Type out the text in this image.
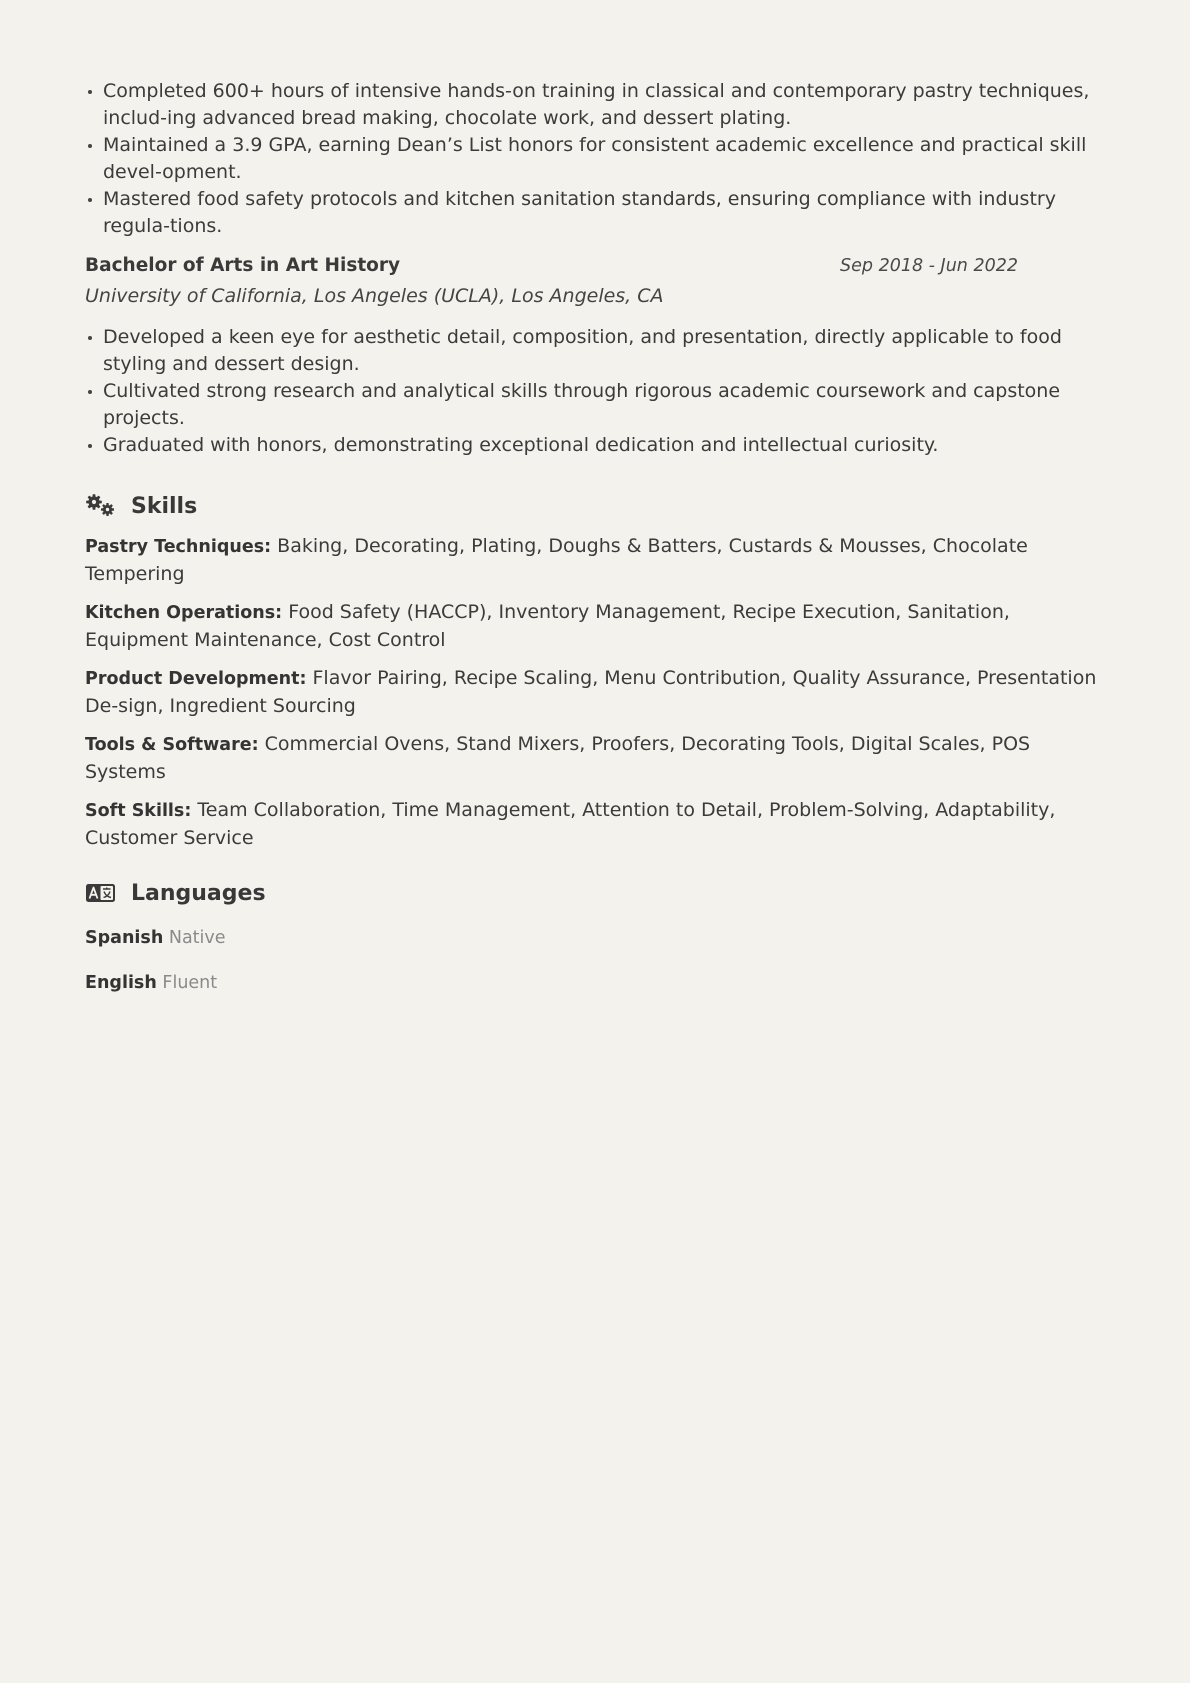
Completed 600+ hours of intensive hands-on training in classical and contemporary pastry techniques, includ-ing advanced bread making, chocolate work, and dessert plating.
Maintained a 3.9 GPA, earning Dean’s List honors for consistent academic excellence and practical skill devel-opment.
Mastered food safety protocols and kitchen sanitation standards, ensuring compliance with industry regula-tions.
Bachelor of Arts in Art History	Sep 2018 - Jun 2022
University of California, Los Angeles (UCLA), Los Angeles, CA
Developed a keen eye for aesthetic detail, composition, and presentation, directly applicable to food styling and dessert design.
Cultivated strong research and analytical skills through rigorous academic coursework and capstone projects.
Graduated with honors, demonstrating exceptional dedication and intellectual curiosity.
Skills
Pastry Techniques: Baking, Decorating, Plating, Doughs & Batters, Custards & Mousses, Chocolate Tempering
Kitchen Operations: Food Safety (HACCP), Inventory Management, Recipe Execution, Sanitation, Equipment Maintenance, Cost Control
Product Development: Flavor Pairing, Recipe Scaling, Menu Contribution, Quality Assurance, Presentation De-sign, Ingredient Sourcing
Tools & Software: Commercial Ovens, Stand Mixers, Proofers, Decorating Tools, Digital Scales, POS Systems
Soft Skills: Team Collaboration, Time Management, Attention to Detail, Problem-Solving, Adaptability, Customer Service
Languages
Spanish Native
English Fluent
